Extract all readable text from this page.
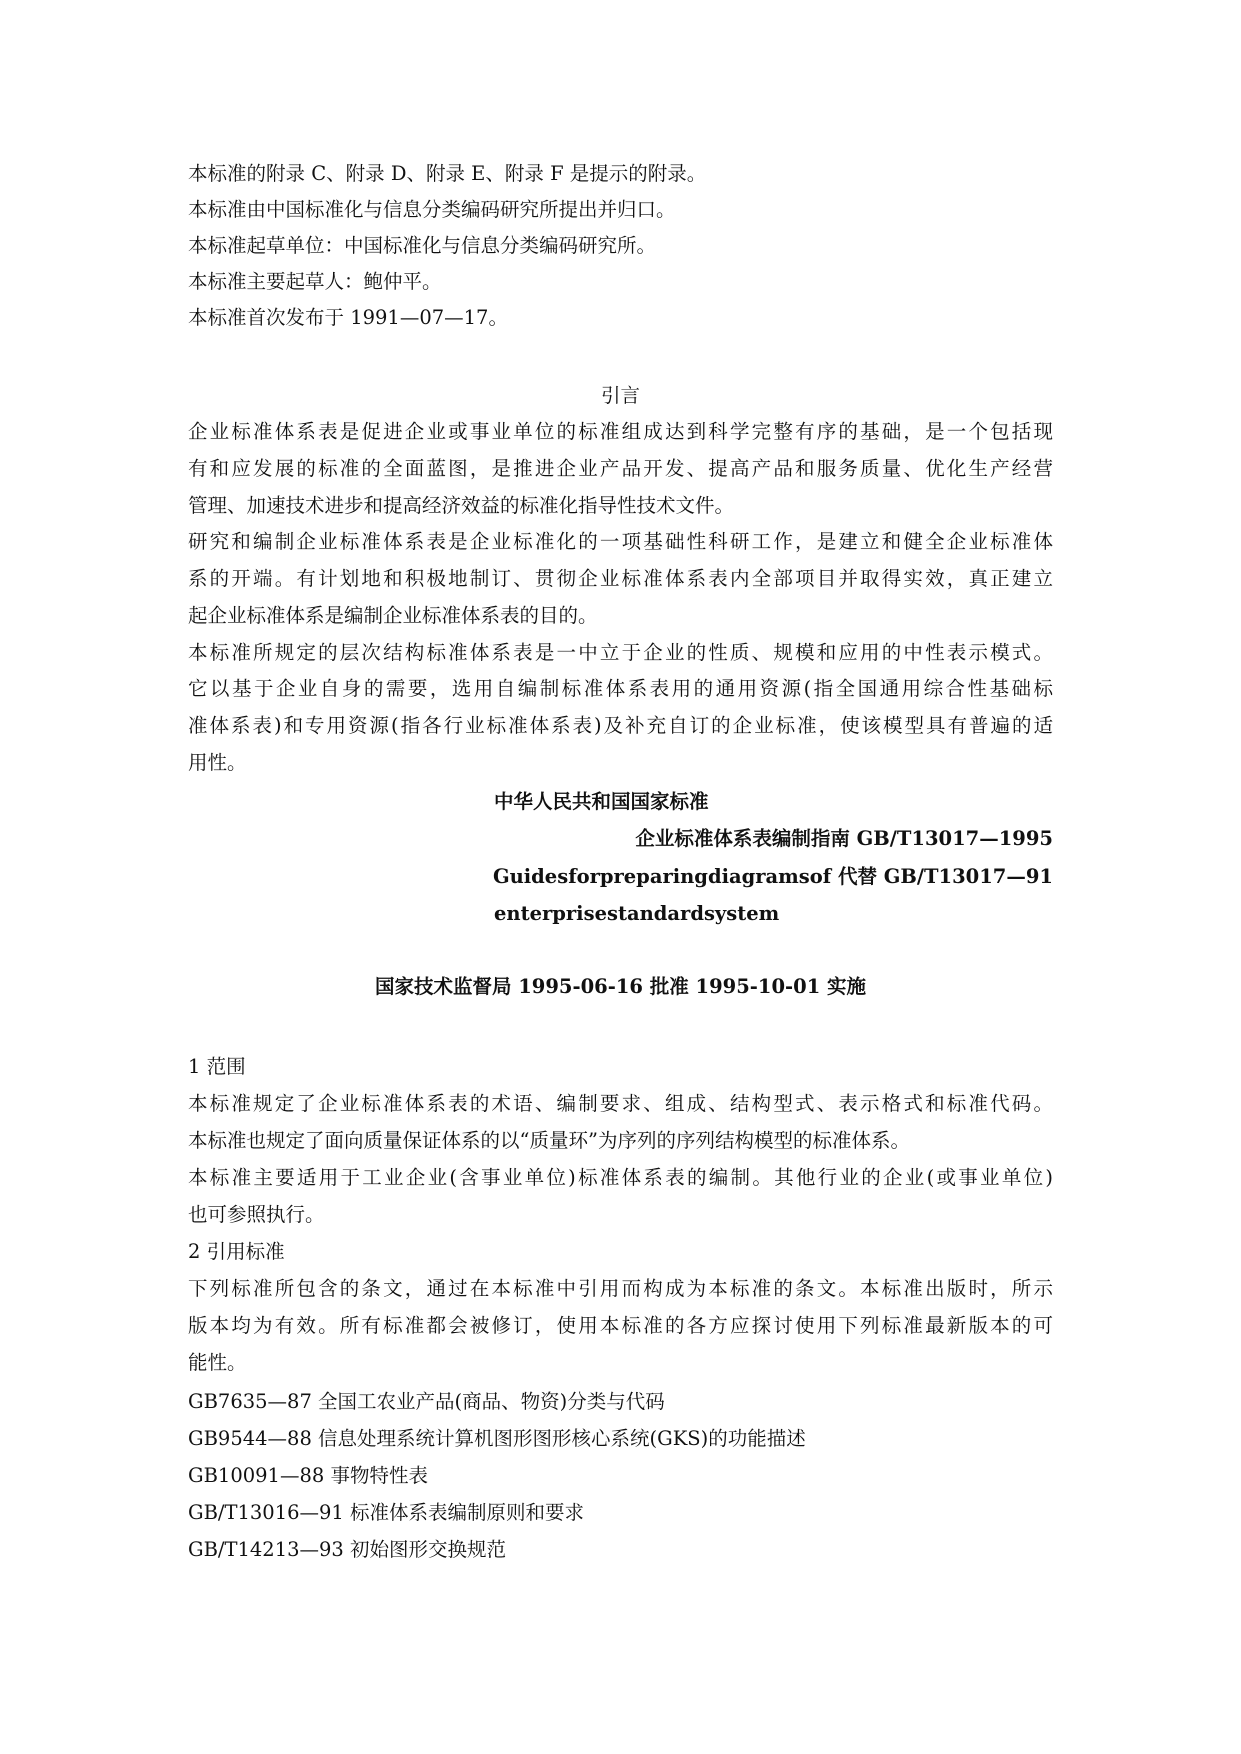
本标准的附录 C、附录 D、附录 E、附录 F 是提示的附录。
本标准由中国标准化与信息分类编码研究所提出并归口。
本标准起草单位：中国标准化与信息分类编码研究所。
本标准主要起草人：鲍仲平。
本标准首次发布于 1991—07—17。
引言
企业标准体系表是促进企业或事业单位的标准组成达到科学完整有序的基础，是一个包括现
有和应发展的标准的全面蓝图，是推进企业产品开发、提高产品和服务质量、优化生产经营
管理、加速技术进步和提高经济效益的标准化指导性技术文件。
研究和编制企业标准体系表是企业标准化的一项基础性科研工作，是建立和健全企业标准体
系的开端。有计划地和积极地制订、贯彻企业标准体系表内全部项目并取得实效，真正建立
起企业标准体系是编制企业标准体系表的目的。
本标准所规定的层次结构标准体系表是一中立于企业的性质、规模和应用的中性表示模式。
它以基于企业自身的需要，选用自编制标准体系表用的通用资源(指全国通用综合性基础标
准体系表)和专用资源(指各行业标准体系表)及补充自订的企业标准，使该模型具有普遍的适
用性。
中华人民共和国国家标准
企业标准体系表编制指南 GB/T13017—1995
Guidesforpreparingdiagramsof 代替 GB/T13017—91
enterprisestandardsystem
国家技术监督局 1995-06-16 批准 1995-10-01 实施
1 范围
本标准规定了企业标准体系表的术语、编制要求、组成、结构型式、表示格式和标准代码。
本标准也规定了面向质量保证体系的以“质量环”为序列的序列结构模型的标准体系。
本标准主要适用于工业企业(含事业单位)标准体系表的编制。其他行业的企业(或事业单位)
也可参照执行。
2 引用标准
下列标准所包含的条文，通过在本标准中引用而构成为本标准的条文。本标准出版时，所示
版本均为有效。所有标准都会被修订，使用本标准的各方应探讨使用下列标准最新版本的可
能性。
GB7635—87 全国工农业产品(商品、物资)分类与代码
GB9544—88 信息处理系统计算机图形图形核心系统(GKS)的功能描述
GB10091—88 事物特性表
GB/T13016—91 标准体系表编制原则和要求
GB/T14213—93 初始图形交换规范
